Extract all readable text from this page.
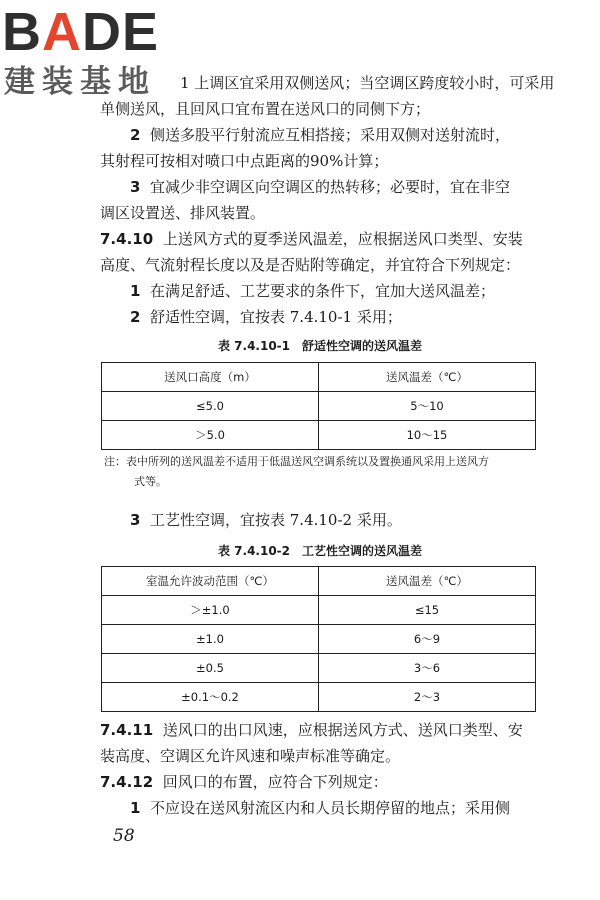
BADE
建装基地	1 上调区宜采用双侧送风；当空调区跨度较小时，可采用
单侧送风，且回风口宜布置在送风口的同侧下方；
2 侧送多股平行射流应互相搭接；采用双侧对送射流时，
其射程可按相对喷口中点距离的90%计算；
3 宜减少非空调区向空调区的热转移；必要时，宜在非空
调区设置送、排风装置。
7.4.10 上送风方式的夏季送风温差，应根据送风口类型、安装
高度、气流射程长度以及是否贴附等确定，并宜符合下列规定：
1 在满足舒适、工艺要求的条件下，宜加大送风温差；
2 舒适性空调，宜按表 7.4.10-1 采用；
表 7.4.10-1　舒适性空调的送风温差
送风口高度（m）	送风温差（℃）
≤5.0	5～10
＞5.0	10～15
注：表中所列的送风温差不适用于低温送风空调系统以及置换通风采用上送风方
式等。
3 工艺性空调，宜按表 7.4.10-2 采用。
表 7.4.10-2　工艺性空调的送风温差
室温允许波动范围（℃）	送风温差（℃）
＞±1.0	≤15
±1.0	6～9
±0.5	3～6
±0.1～0.2	2～3
7.4.11 送风口的出口风速，应根据送风方式、送风口类型、安
装高度、空调区允许风速和噪声标准等确定。
7.4.12 回风口的布置，应符合下列规定：
1 不应设在送风射流区内和人员长期停留的地点；采用侧
58
